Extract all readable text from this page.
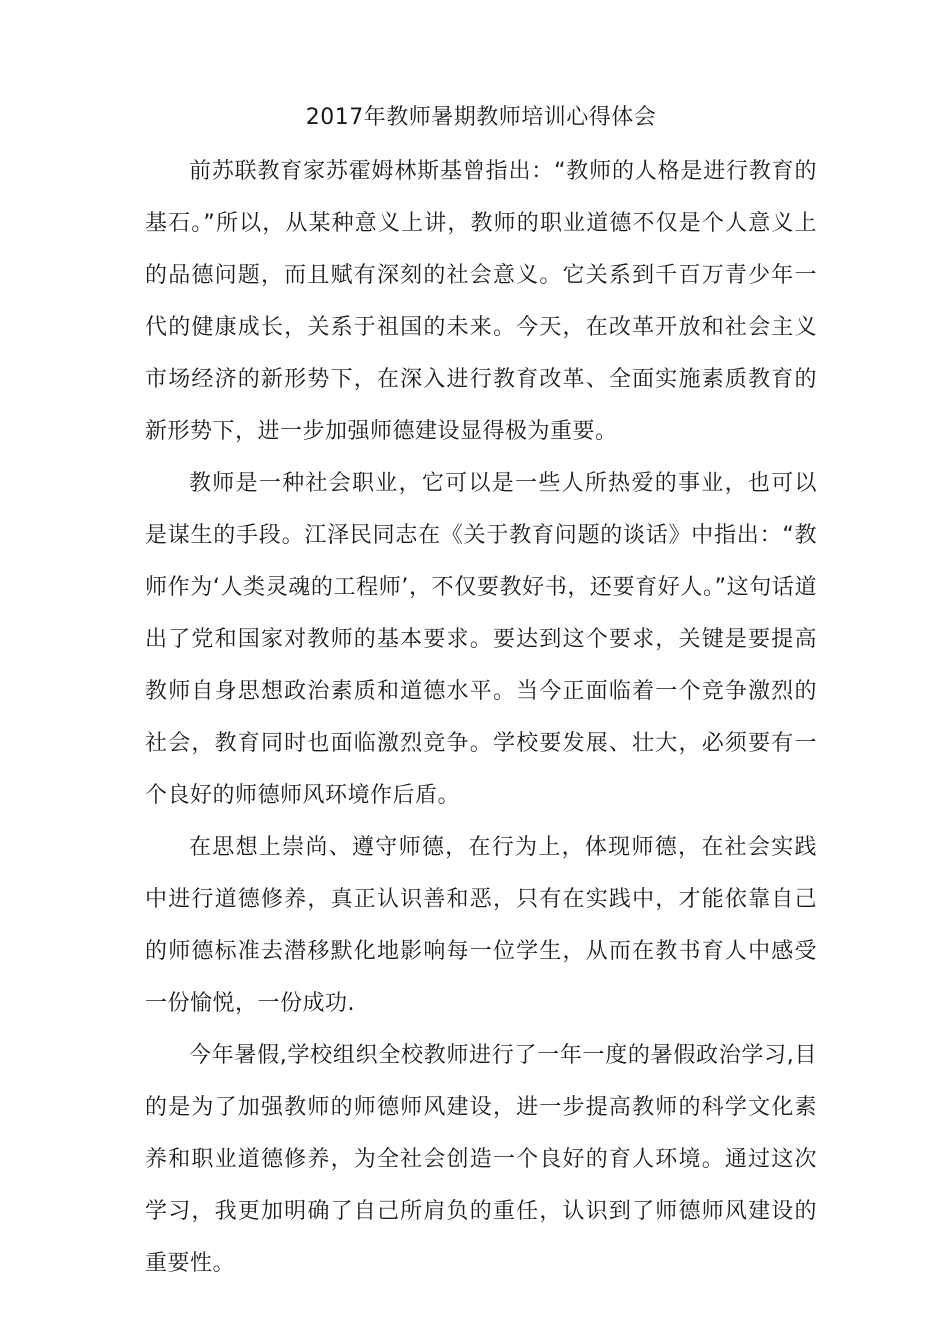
2017年教师暑期教师培训心得体会

前苏联教育家苏霍姆林斯基曾指出：“教师的人格是进行教育的基石。”所以，从某种意义上讲，教师的职业道德不仅是个人意义上的品德问题，而且赋有深刻的社会意义。它关系到千百万青少年一代的健康成长，关系于祖国的未来。今天，在改革开放和社会主义市场经济的新形势下，在深入进行教育改革、全面实施素质教育的新形势下，进一步加强师德建设显得极为重要。

教师是一种社会职业，它可以是一些人所热爱的事业，也可以是谋生的手段。江泽民同志在《关于教育问题的谈话》中指出：“教师作为‘人类灵魂的工程师’，不仅要教好书，还要育好人。”这句话道出了党和国家对教师的基本要求。要达到这个要求，关键是要提高教师自身思想政治素质和道德水平。当今正面临着一个竞争激烈的社会，教育同时也面临激烈竞争。学校要发展、壮大，必须要有一个良好的师德师风环境作后盾。

在思想上崇尚、遵守师德，在行为上，体现师德，在社会实践中进行道德修养，真正认识善和恶，只有在实践中，才能依靠自己的师德标准去潜移默化地影响每一位学生，从而在教书育人中感受一份愉悦，一份成功.

今年暑假,学校组织全校教师进行了一年一度的暑假政治学习,目的是为了加强教师的师德师风建设，进一步提高教师的科学文化素养和职业道德修养，为全社会创造一个良好的育人环境。通过这次学习，我更加明确了自己所肩负的重任，认识到了师德师风建设的重要性。
